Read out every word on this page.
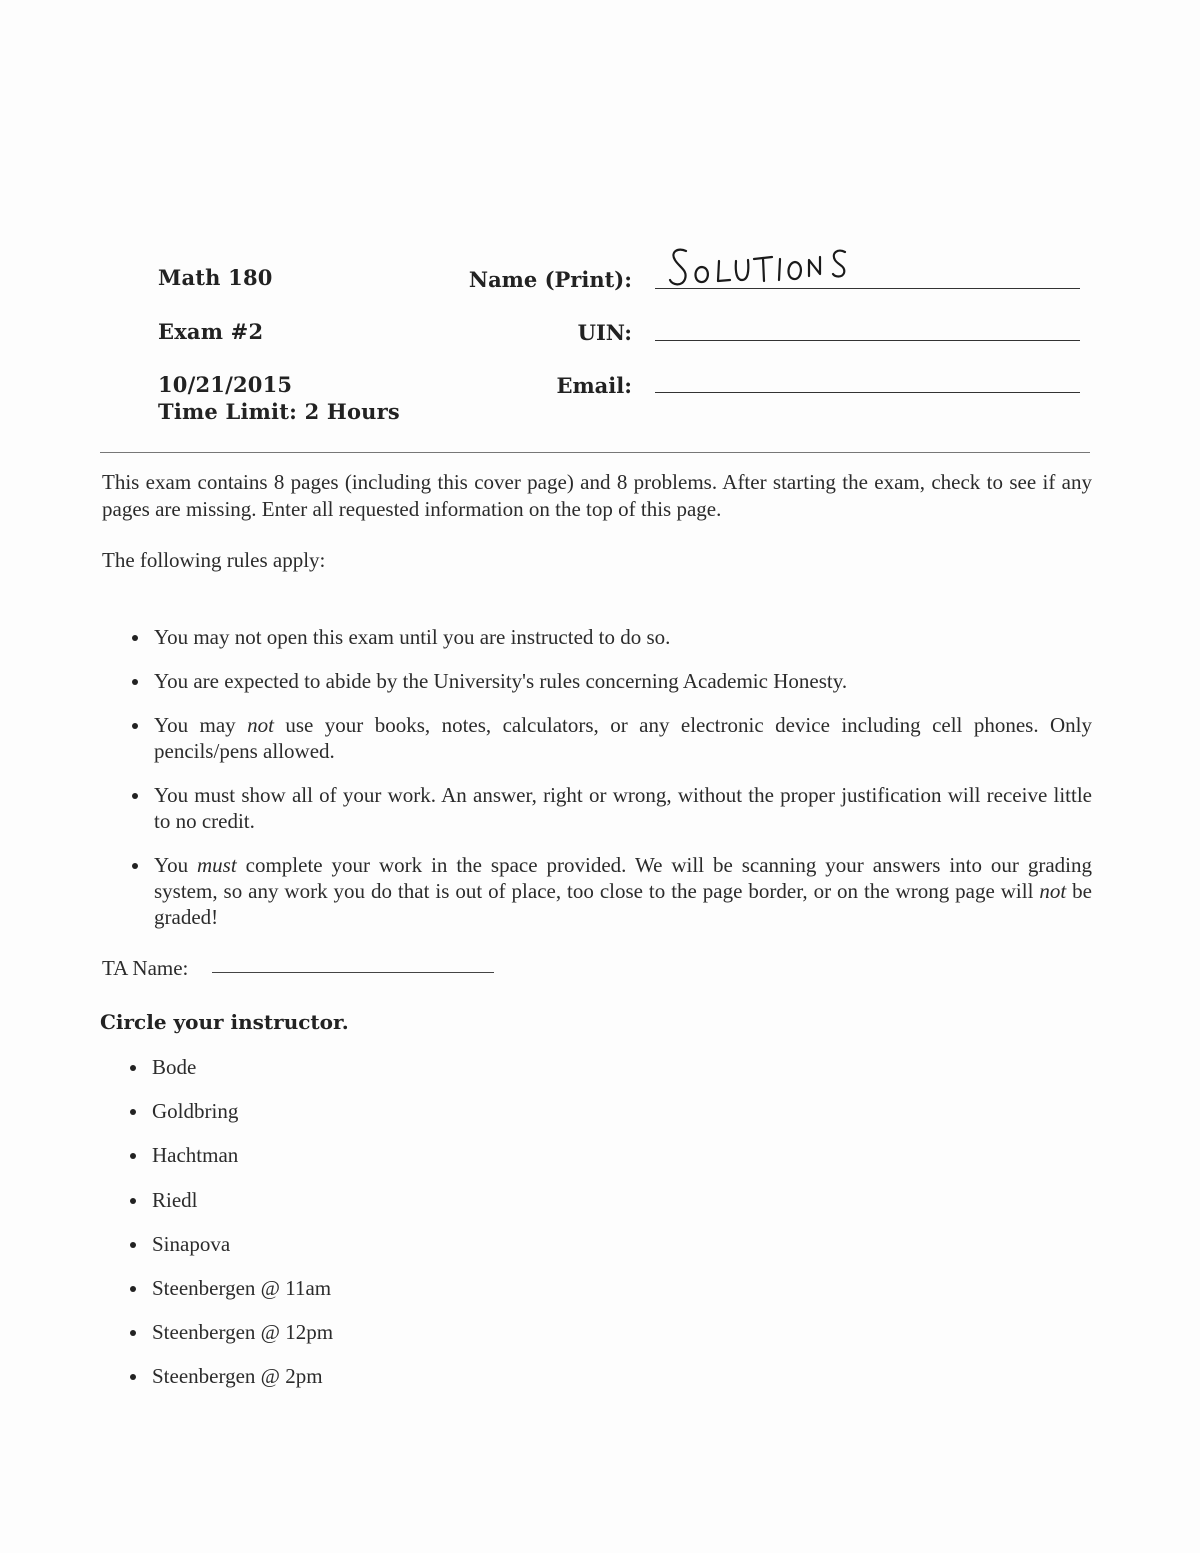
Math 180
Exam #2
10/21/2015
Time Limit: 2 Hours
Name (Print):
UIN:
Email:
This exam contains 8 pages (including this cover page) and 8 problems. After starting the exam, check to see if any pages are missing. Enter all requested information on the top of this page.
The following rules apply:
You may not open this exam until you are instructed to do so.
You are expected to abide by the University's rules concerning Academic Honesty.
You may not use your books, notes, calculators, or any electronic device including cell phones. Only pencils/pens allowed.
You must show all of your work. An answer, right or wrong, without the proper justification will receive little to no credit.
You must complete your work in the space provided. We will be scanning your answers into our grading system, so any work you do that is out of place, too close to the page border, or on the wrong page will not be graded!
TA Name:
Circle your instructor.
Bode
Goldbring
Hachtman
Riedl
Sinapova
Steenbergen @ 11am
Steenbergen @ 12pm
Steenbergen @ 2pm
